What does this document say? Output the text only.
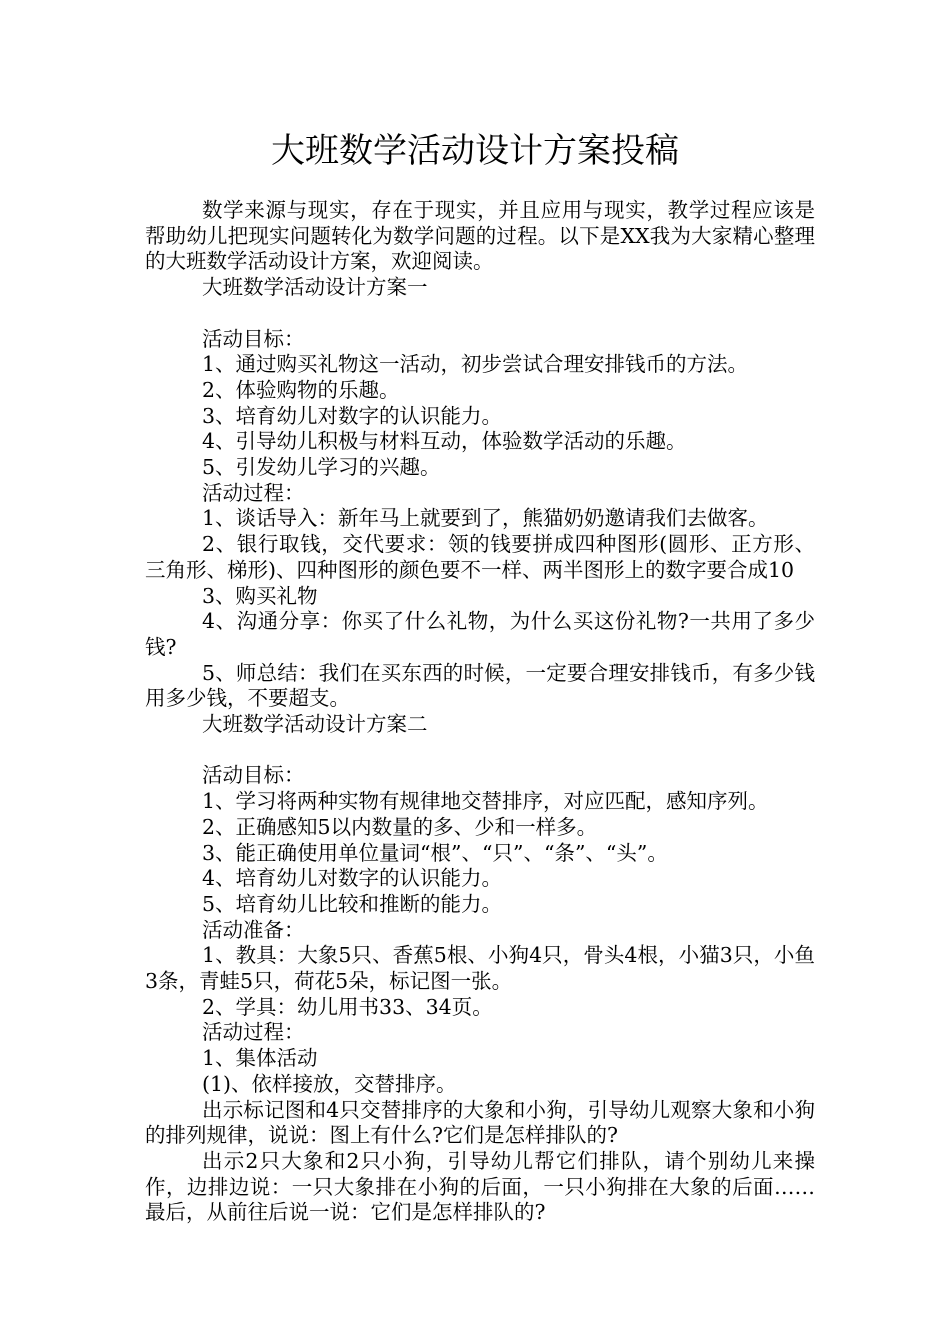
大班数学活动设计方案投稿
数学来源与现实，存在于现实，并且应用与现实，教学过程应该是帮助幼儿把现实问题转化为数学问题的过程。以下是XX我为大家精心整理的大班数学活动设计方案，欢迎阅读。
大班数学活动设计方案一
活动目标：
1、通过购买礼物这一活动，初步尝试合理安排钱币的方法。
2、体验购物的乐趣。
3、培育幼儿对数字的认识能力。
4、引导幼儿积极与材料互动，体验数学活动的乐趣。
5、引发幼儿学习的兴趣。
活动过程：
1、谈话导入：新年马上就要到了，熊猫奶奶邀请我们去做客。
2、银行取钱，交代要求：领的钱要拼成四种图形(圆形、正方形、三角形、梯形)、四种图形的颜色要不一样、两半图形上的数字要合成10
3、购买礼物
4、沟通分享：你买了什么礼物，为什么买这份礼物?一共用了多少钱?
5、师总结：我们在买东西的时候，一定要合理安排钱币，有多少钱用多少钱，不要超支。
大班数学活动设计方案二
活动目标：
1、学习将两种实物有规律地交替排序，对应匹配，感知序列。
2、正确感知5以内数量的多、少和一样多。
3、能正确使用单位量词“根”、“只”、“条”、“头”。
4、培育幼儿对数字的认识能力。
5、培育幼儿比较和推断的能力。
活动准备：
1、教具：大象5只、香蕉5根、小狗4只，骨头4根，小猫3只，小鱼3条，青蛙5只，荷花5朵，标记图一张。
2、学具：幼儿用书33、34页。
活动过程：
1、集体活动
(1)、依样接放，交替排序。
出示标记图和4只交替排序的大象和小狗，引导幼儿观察大象和小狗的排列规律，说说：图上有什么?它们是怎样排队的?
出示2只大象和2只小狗，引导幼儿帮它们排队，请个别幼儿来操作，边排边说：一只大象排在小狗的后面，一只小狗排在大象的后面……最后，从前往后说一说：它们是怎样排队的?
